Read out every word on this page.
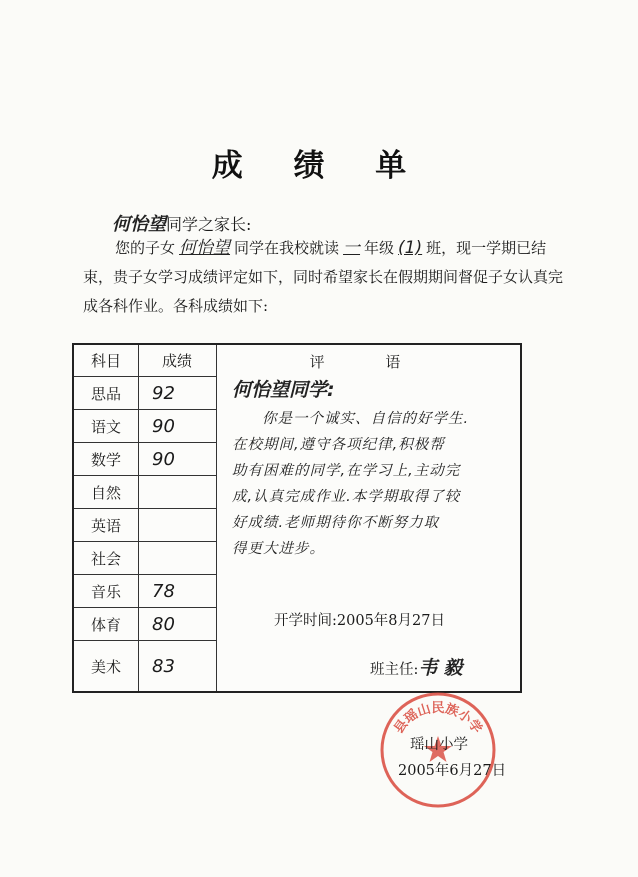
成 绩 单
何怡望同学之家长:
您的子女 何怡望 同学在我校就读 一 年级 (1) 班，现一学期已结束，贵子女学习成绩评定如下，同时希望家长在假期期间督促子女认真完成各科作业。各科成绩如下:
科目	成绩	评 语
思品	92
语文	90
数学	90
自然
英语
社会
音乐	78
体育	80
美术	83
何怡望同学:
你是一个诚实、自信的好学生.
在校期间,遵守各项纪律,积极帮
助有困难的同学,在学习上,主动完
成,认真完成作业.本学期取得了较
好成绩.老师期待你不断努力取
得更大进步。
开学时间:2005年8月27日
班主任:韦毅
县瑶山民族小学
瑶山小学
2005年6月27日
